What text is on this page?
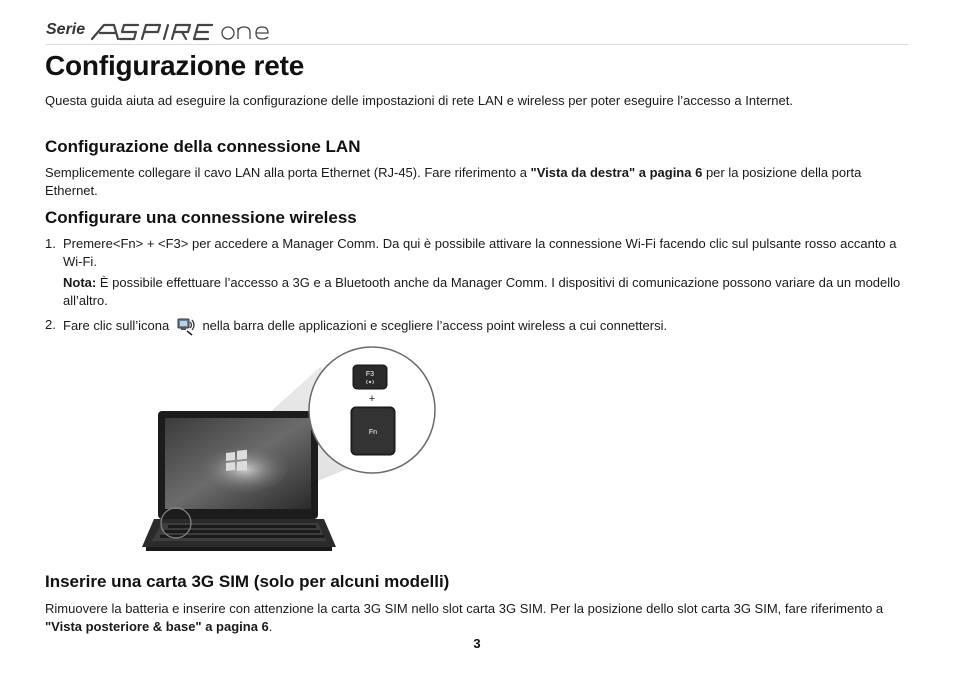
Serie
Configurazione rete

Questa guida aiuta ad eseguire la configurazione delle impostazioni di rete LAN e wireless per poter eseguire l’accesso a Internet.

Configurazione della connessione LAN

Semplicemente collegare il cavo LAN alla porta Ethernet (RJ-45). Fare riferimento a "Vista da destra" a pagina 6 per la posizione della porta Ethernet.

Configurare una connessione wireless
1. Premere<Fn> + <F3> per accedere a Manager Comm. Da qui è possibile attivare la connessione Wi-Fi facendo clic sul pulsante rosso accanto a Wi-Fi.

Nota: È possibile effettuare l’accesso a 3G e a Bluetooth anche da Manager Comm. I dispositivi di comunicazione possono variare da un modello all’altro.

2. Fare clic sull’icona  nella barra delle applicazioni e scegliere l’access point wireless a cui connettersi.
F3
+
Fn
Inserire una carta 3G SIM (solo per alcuni modelli)

Rimuovere la batteria e inserire con attenzione la carta 3G SIM nello slot carta 3G SIM. Per la posizione dello slot carta 3G SIM, fare riferimento a "Vista posteriore & base" a pagina 6.

3
